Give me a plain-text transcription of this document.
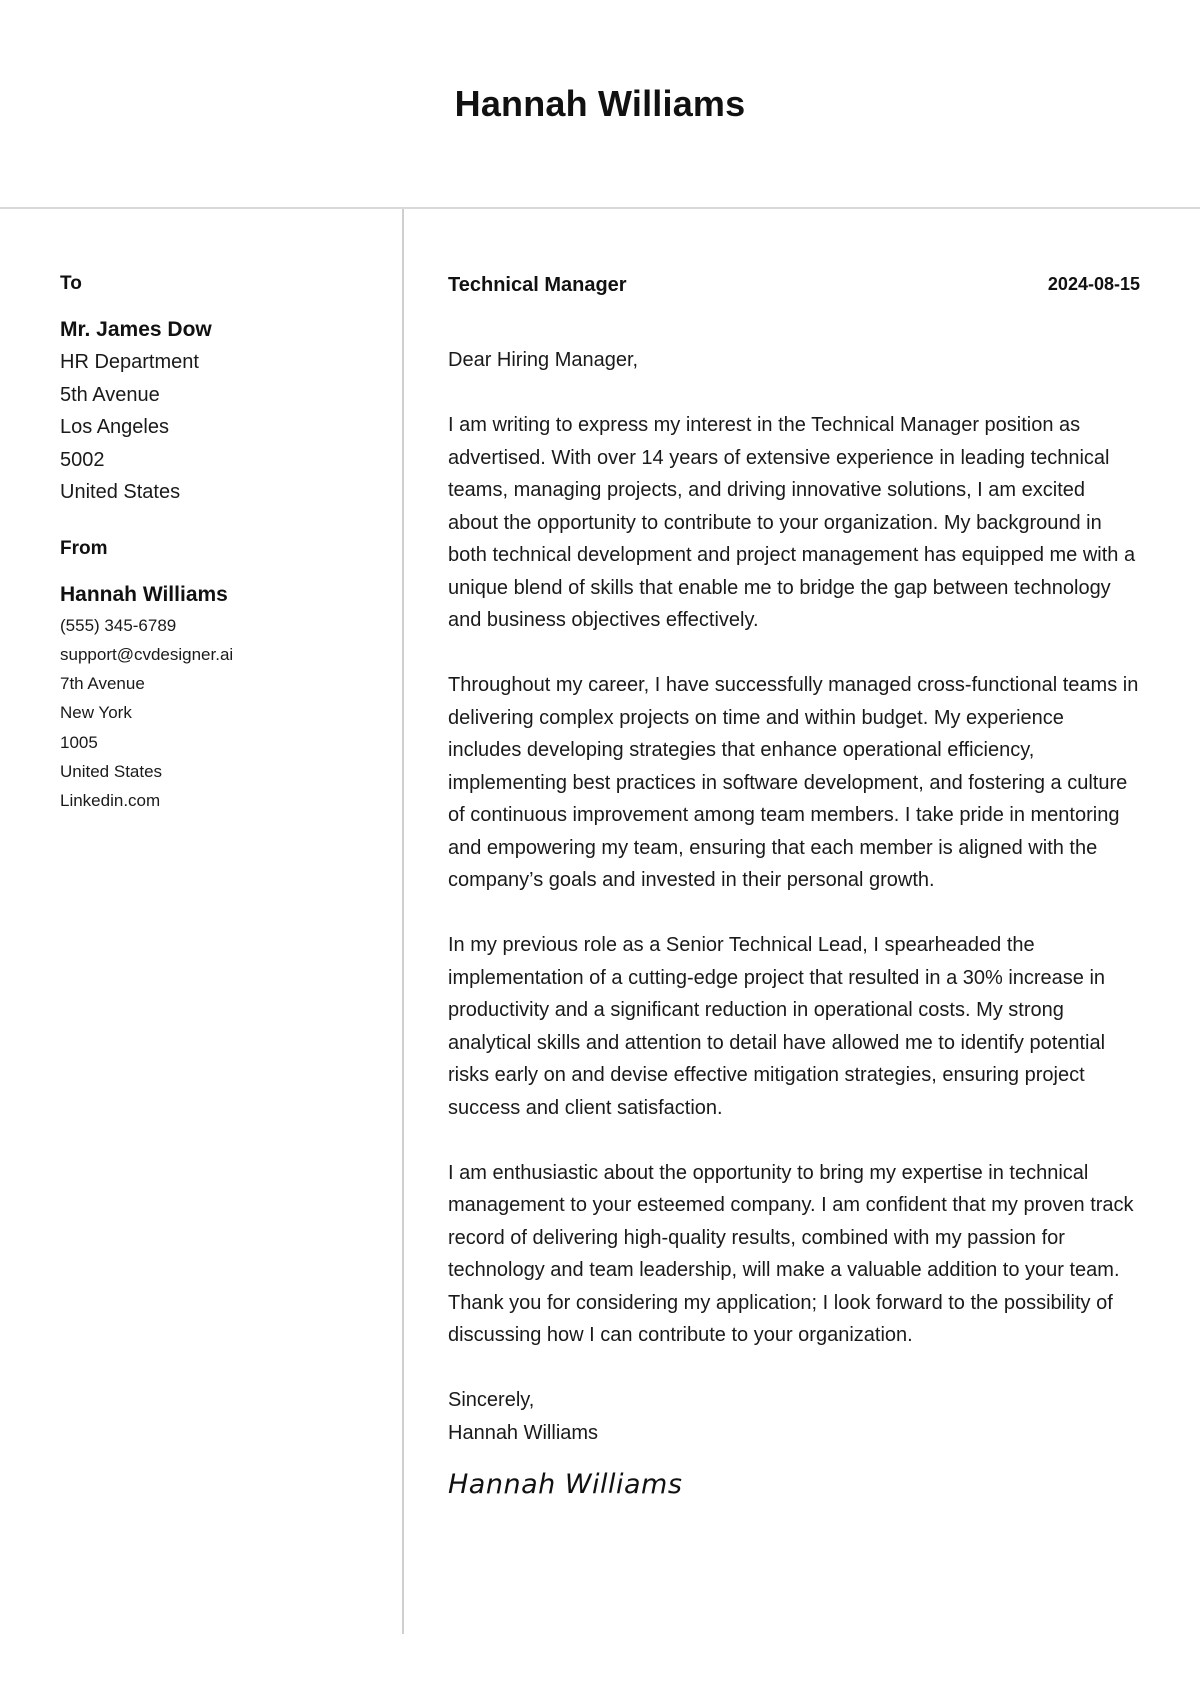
Hannah Williams
To
Mr. James Dow
HR Department
5th Avenue
Los Angeles
5002
United States
From
Hannah Williams
(555) 345-6789
support@cvdesigner.ai
7th Avenue
New York
1005
United States
Linkedin.com
Technical Manager	2024-08-15

Dear Hiring Manager,

I am writing to express my interest in the Technical Manager position as advertised. With over 14 years of extensive experience in leading technical teams, managing projects, and driving innovative solutions, I am excited about the opportunity to contribute to your organization. My background in both technical development and project management has equipped me with a unique blend of skills that enable me to bridge the gap between technology and business objectives effectively.

Throughout my career, I have successfully managed cross-functional teams in delivering complex projects on time and within budget. My experience includes developing strategies that enhance operational efficiency, implementing best practices in software development, and fostering a culture of continuous improvement among team members. I take pride in mentoring and empowering my team, ensuring that each member is aligned with the company’s goals and invested in their personal growth.

In my previous role as a Senior Technical Lead, I spearheaded the implementation of a cutting-edge project that resulted in a 30% increase in productivity and a significant reduction in operational costs. My strong analytical skills and attention to detail have allowed me to identify potential risks early on and devise effective mitigation strategies, ensuring project success and client satisfaction.

I am enthusiastic about the opportunity to bring my expertise in technical management to your esteemed company. I am confident that my proven track record of delivering high-quality results, combined with my passion for technology and team leadership, will make a valuable addition to your team. Thank you for considering my application; I look forward to the possibility of discussing how I can contribute to your organization.

Sincerely,

Hannah Williams

Hannah Williams
